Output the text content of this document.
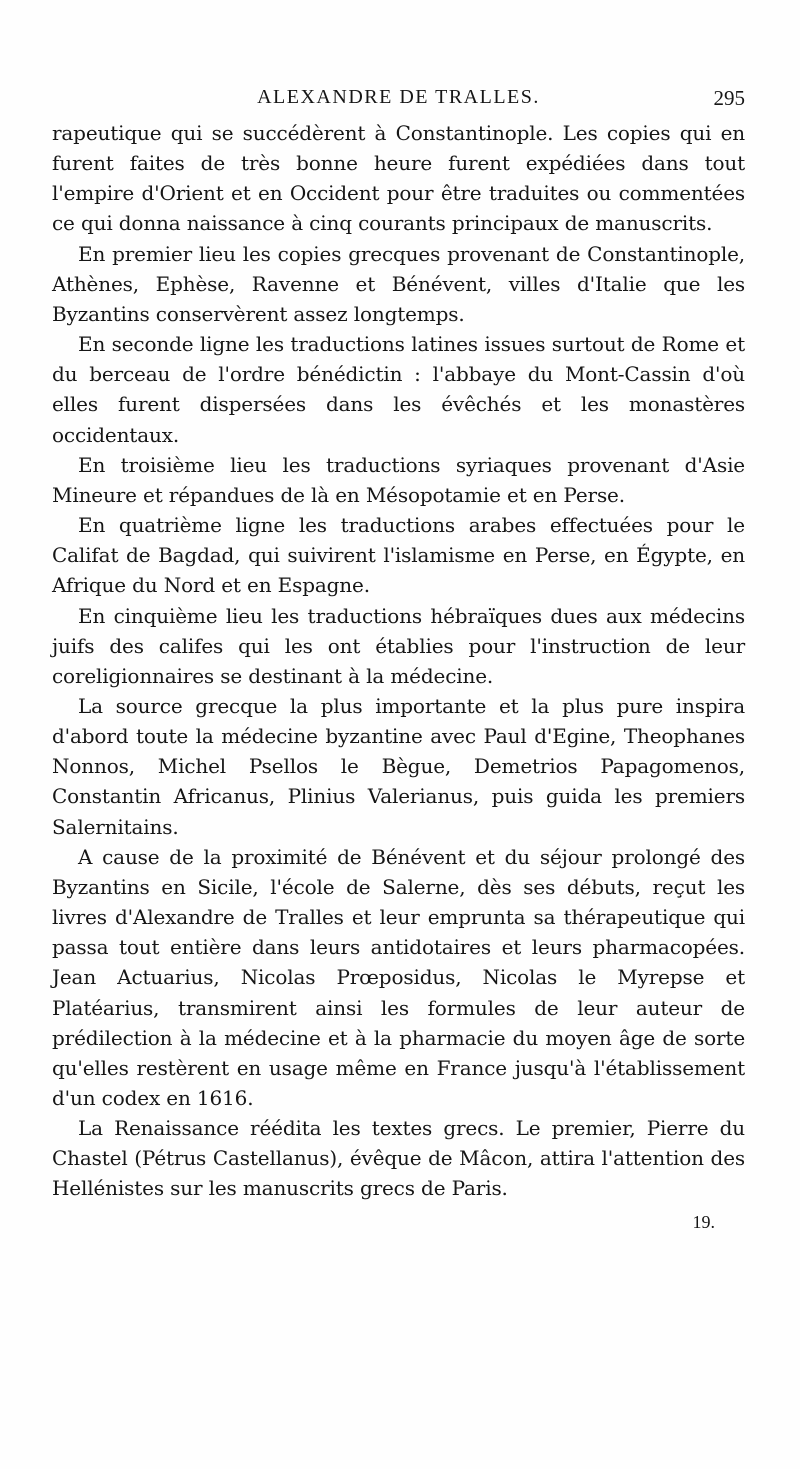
ALEXANDRE DE TRALLES.	295

rapeutique qui se succédèrent à Constantinople. Les copies qui en furent faites de très bonne heure furent expédiées dans tout l'empire d'Orient et en Occident pour être traduites ou commentées ce qui donna naissance à cinq courants principaux de manuscrits.

En premier lieu les copies grecques provenant de Constantinople, Athènes, Ephèse, Ravenne et Bénévent, villes d'Italie que les Byzantins conservèrent assez longtemps.

En seconde ligne les traductions latines issues surtout de Rome et du berceau de l'ordre bénédictin : l'abbaye du Mont-Cassin d'où elles furent dispersées dans les évêchés et les monastères occidentaux.

En troisième lieu les traductions syriaques provenant d'Asie Mineure et répandues de là en Mésopotamie et en Perse.

En quatrième ligne les traductions arabes effectuées pour le Califat de Bagdad, qui suivirent l'islamisme en Perse, en Égypte, en Afrique du Nord et en Espagne.

En cinquième lieu les traductions hébraïques dues aux médecins juifs des califes qui les ont établies pour l'instruction de leur coreligionnaires se destinant à la médecine.

La source grecque la plus importante et la plus pure inspira d'abord toute la médecine byzantine avec Paul d'Egine, Theophanes Nonnos, Michel Psellos le Bègue, Demetrios Papagomenos, Constantin Africanus, Plinius Valerianus, puis guida les premiers Salernitains.

A cause de la proximité de Bénévent et du séjour prolongé des Byzantins en Sicile, l'école de Salerne, dès ses débuts, reçut les livres d'Alexandre de Tralles et leur emprunta sa thérapeutique qui passa tout entière dans leurs antidotaires et leurs pharmacopées. Jean Actuarius, Nicolas Prœposidus, Nicolas le Myrepse et Platéarius, transmirent ainsi les formules de leur auteur de prédilection à la médecine et à la pharmacie du moyen âge de sorte qu'elles restèrent en usage même en France jusqu'à l'établissement d'un codex en 1616.

La Renaissance réédita les textes grecs. Le premier, Pierre du Chastel (Pétrus Castellanus), évêque de Mâcon, attira l'attention des Hellénistes sur les manuscrits grecs de Paris.

19.
